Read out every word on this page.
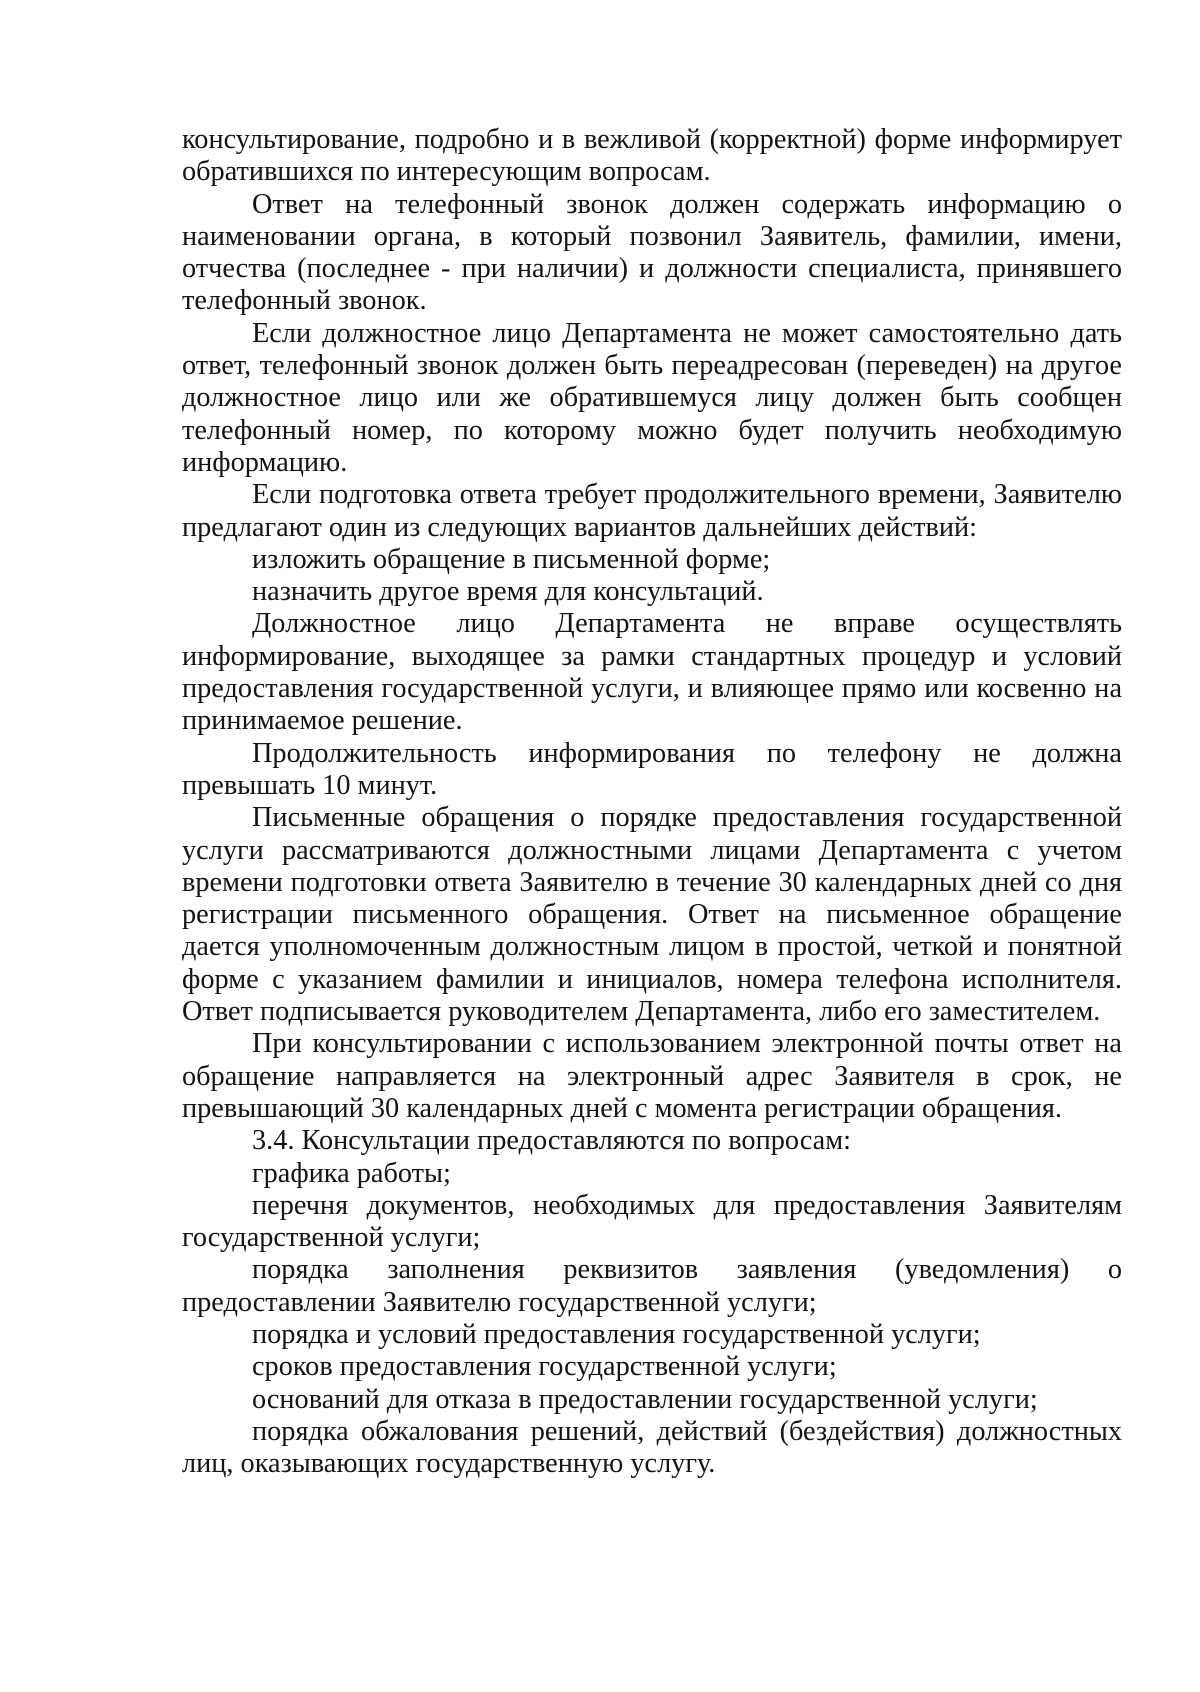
консультирование, подробно и в вежливой (корректной) форме информирует обратившихся по интересующим вопросам.

Ответ на телефонный звонок должен содержать информацию о наименовании органа, в который позвонил Заявитель, фамилии, имени, отчества (последнее - при наличии) и должности специалиста, принявшего телефонный звонок.

Если должностное лицо Департамента не может самостоятельно дать ответ, телефонный звонок должен быть переадресован (переведен) на другое должностное лицо или же обратившемуся лицу должен быть сообщен телефонный номер, по которому можно будет получить необходимую информацию.

Если подготовка ответа требует продолжительного времени, Заявителю предлагают один из следующих вариантов дальнейших действий:

изложить обращение в письменной форме;

назначить другое время для консультаций.

Должностное лицо Департамента не вправе осуществлять информирование, выходящее за рамки стандартных процедур и условий предоставления государственной услуги, и влияющее прямо или косвенно на принимаемое решение.

Продолжительность информирования по телефону не должна превышать 10 минут.

Письменные обращения о порядке предоставления государственной услуги рассматриваются должностными лицами Департамента с учетом времени подготовки ответа Заявителю в течение 30 календарных дней со дня регистрации письменного обращения. Ответ на письменное обращение дается уполномоченным должностным лицом в простой, четкой и понятной форме с указанием фамилии и инициалов, номера телефона исполнителя. Ответ подписывается руководителем Департамента, либо его заместителем.

При консультировании с использованием электронной почты ответ на обращение направляется на электронный адрес Заявителя в срок, не превышающий 30 календарных дней с момента регистрации обращения.

3.4. Консультации предоставляются по вопросам:

графика работы;

перечня документов, необходимых для предоставления Заявителям государственной услуги;

порядка заполнения реквизитов заявления (уведомления) о предоставлении Заявителю государственной услуги;

порядка и условий предоставления государственной услуги;

сроков предоставления государственной услуги;

оснований для отказа в предоставлении государственной услуги;

порядка обжалования решений, действий (бездействия) должностных лиц, оказывающих государственную услугу.
